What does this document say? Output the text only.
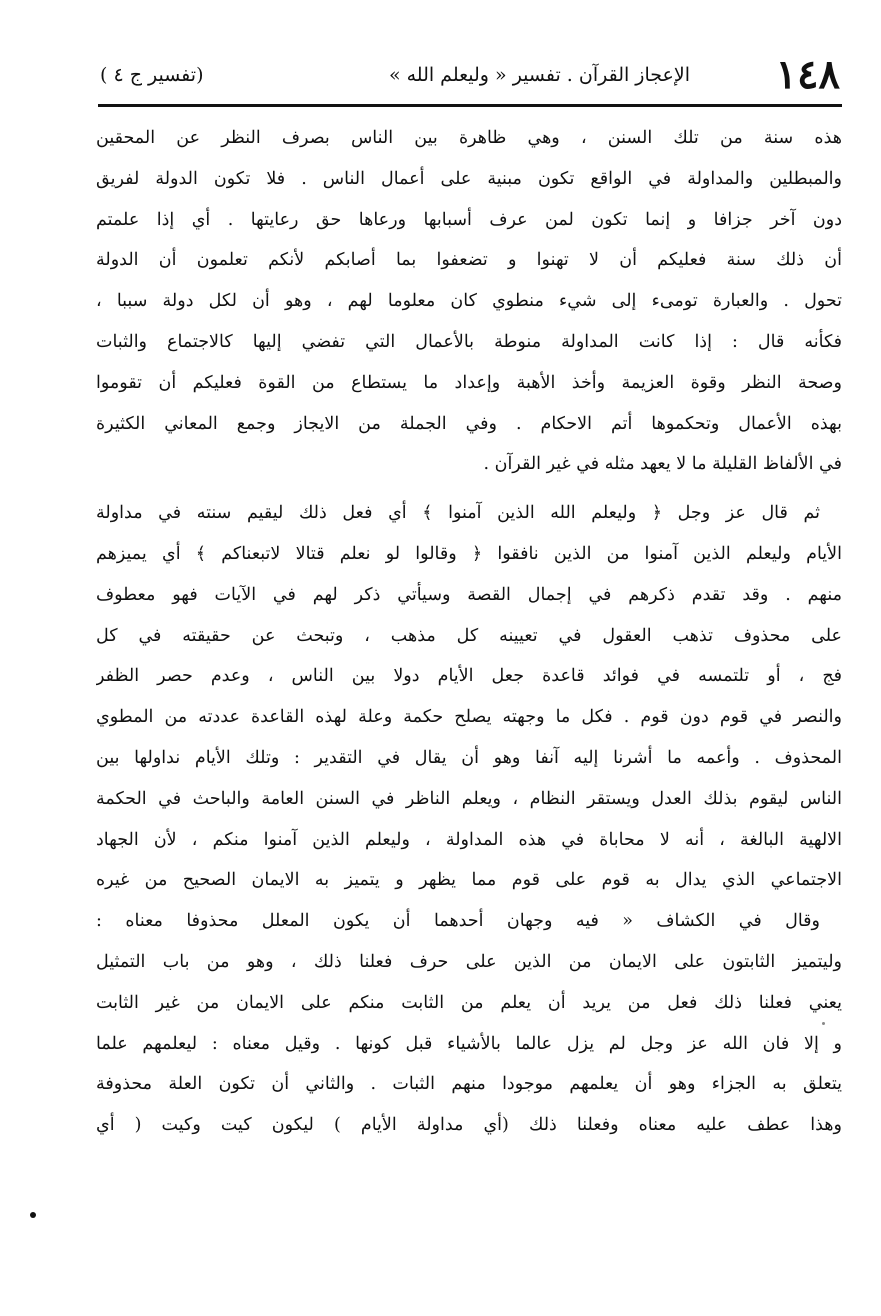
١٤٨
الإعجاز القرآن . تفسير « وليعلم الله »
(تفسير ج ٤ )
هذه سنة من تلك السنن ، وهي ظاهرة بين الناس بصرف النظر عن المحقين
والمبطلين والمداولة في الواقع تكون مبنية على أعمال الناس . فلا تكون الدولة لفريق
دون آخر جزافا و إنما تكون لمن عرف أسبابها ورعاها حق رعايتها . أي إذا علمتم
أن ذلك سنة فعليكم أن لا تهنوا و تضعفوا بما أصابكم لأنكم تعلمون أن الدولة
تحول . والعبارة تومىء إلى شيء منطوي كان معلوما لهم ، وهو أن لكل دولة سببا ،
فكأنه قال : إذا كانت المداولة منوطة بالأعمال التي تفضي إليها كالاجتماع والثبات
وصحة النظر وقوة العزيمة وأخذ الأهبة وإعداد ما يستطاع من القوة فعليكم أن تقوموا
بهذه الأعمال وتحكموها أتم الاحكام . وفي الجملة من الايجاز وجمع المعاني الكثيرة
في الألفاظ القليلة ما لا يعهد مثله في غير القرآن .
ثم قال عز وجل ﴿ وليعلم الله الذين آمنوا ﴾ أي فعل ذلك ليقيم سنته في مداولة
الأيام وليعلم الذين آمنوا من الذين نافقوا ﴿ وقالوا لو نعلم قتالا لاتبعناكم ﴾ أي يميزهم
منهم . وقد تقدم ذكرهم في إجمال القصة وسيأتي ذكر لهم في الآيات فهو معطوف
على محذوف تذهب العقول في تعيينه كل مذهب ، وتبحث عن حقيقته في كل
فج ، أو تلتمسه في فوائد قاعدة جعل الأيام دولا بين الناس ، وعدم حصر الظفر
والنصر في قوم دون قوم . فكل ما وجهته يصلح حكمة وعلة لهذه القاعدة عددته من المطوي
المحذوف . وأعمه ما أشرنا إليه آنفا وهو أن يقال في التقدير : وتلك الأيام نداولها بين
الناس ليقوم بذلك العدل ويستقر النظام ، ويعلم الناظر في السنن العامة والباحث في الحكمة
الالهية البالغة ، أنه لا محاباة في هذه المداولة ، وليعلم الذين آمنوا منكم ، لأن الجهاد
الاجتماعي الذي يدال به قوم على قوم مما يظهر و يتميز به الايمان الصحيح من غيره
وقال في الكشاف « فيه وجهان أحدهما أن يكون المعلل محذوفا معناه :
وليتميز الثابتون على الايمان من الذين على حرف فعلنا ذلك ، وهو من باب التمثيل
يعني فعلنا ذلك فعل من يريد أن يعلم من الثابت منكم على الايمان من غير الثابت
و إلا فان الله عز وجل لم يزل عالما بالأشياء قبل كونها . وقيل معناه : ليعلمهم علما
يتعلق به الجزاء وهو أن يعلمهم موجودا منهم الثبات . والثاني أن تكون العلة محذوفة
وهذا عطف عليه معناه وفعلنا ذلك (أي مداولة الأيام ) ليكون كيت وكيت ( أي
